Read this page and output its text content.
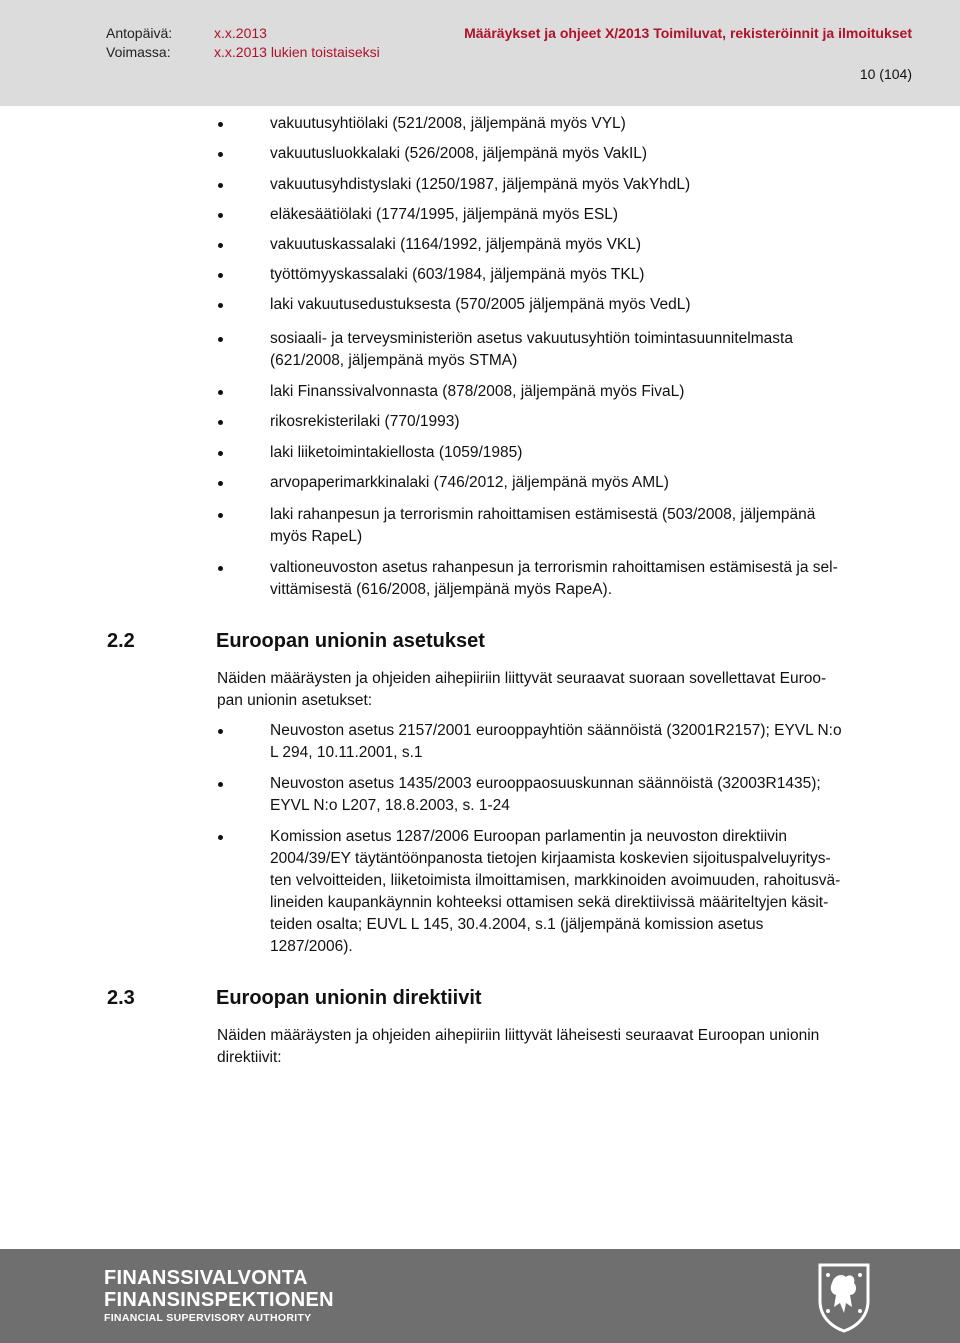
Antopäivä:	x.x.2013
Voimassa:	x.x.2013 lukien toistaiseksi
Määräykset ja ohjeet X/2013 Toimiluvat, rekisteröinnit ja ilmoitukset
10 (104)
vakuutusyhtiölaki (521/2008, jäljempänä myös VYL)
vakuutusluokkalaki (526/2008, jäljempänä myös VakIL)
vakuutusyhdistyslaki (1250/1987, jäljempänä myös VakYhdL)
eläkesäätiölaki (1774/1995, jäljempänä myös ESL)
vakuutuskassalaki (1164/1992, jäljempänä myös VKL)
työttömyyskassalaki (603/1984, jäljempänä myös TKL)
laki vakuutusedustuksesta (570/2005 jäljempänä myös VedL)
sosiaali- ja terveysministeriön asetus vakuutusyhtiön toimintasuunnitelmasta
(621/2008, jäljempänä myös STMA)
laki Finanssivalvonnasta (878/2008, jäljempänä myös FivaL)
rikosrekisterilaki (770/1993)
laki liiketoimintakiellosta (1059/1985)
arvopaperimarkkinalaki (746/2012, jäljempänä myös AML)
laki rahanpesun ja terrorismin rahoittamisen estämisestä (503/2008, jäljempänä
myös RapeL)
valtioneuvoston asetus rahanpesun ja terrorismin rahoittamisen estämisestä ja sel-
vittämisestä (616/2008, jäljempänä myös RapeA).
2.2	Euroopan unionin asetukset
Näiden määräysten ja ohjeiden aihepiiriin liittyvät seuraavat suoraan sovellettavat Euroo-
pan unionin asetukset:
Neuvoston asetus 2157/2001 eurooppayhtiön säännöistä (32001R2157); EYVL N:o
L 294, 10.11.2001, s.1
Neuvoston asetus 1435/2003 eurooppaosuuskunnan säännöistä (32003R1435);
EYVL N:o L207, 18.8.2003, s. 1-24
Komission asetus 1287/2006 Euroopan parlamentin ja neuvoston direktiivin
2004/39/EY täytäntöönpanosta tietojen kirjaamista koskevien sijoituspalveluyritys-
ten velvoitteiden, liiketoimista ilmoittamisen, markkinoiden avoimuuden, rahoitusvä-
lineiden kaupankäynnin kohteeksi ottamisen sekä direktiivissä määriteltyjen käsit-
teiden osalta; EUVL L 145, 30.4.2004, s.1 (jäljempänä komission asetus
1287/2006).
2.3	Euroopan unionin direktiivit
Näiden määräysten ja ohjeiden aihepiiriin liittyvät läheisesti seuraavat Euroopan unionin
direktiivit:
FINANSSIVALVONTA
FINANSINSPEKTIONEN
FINANCIAL SUPERVISORY AUTHORITY
